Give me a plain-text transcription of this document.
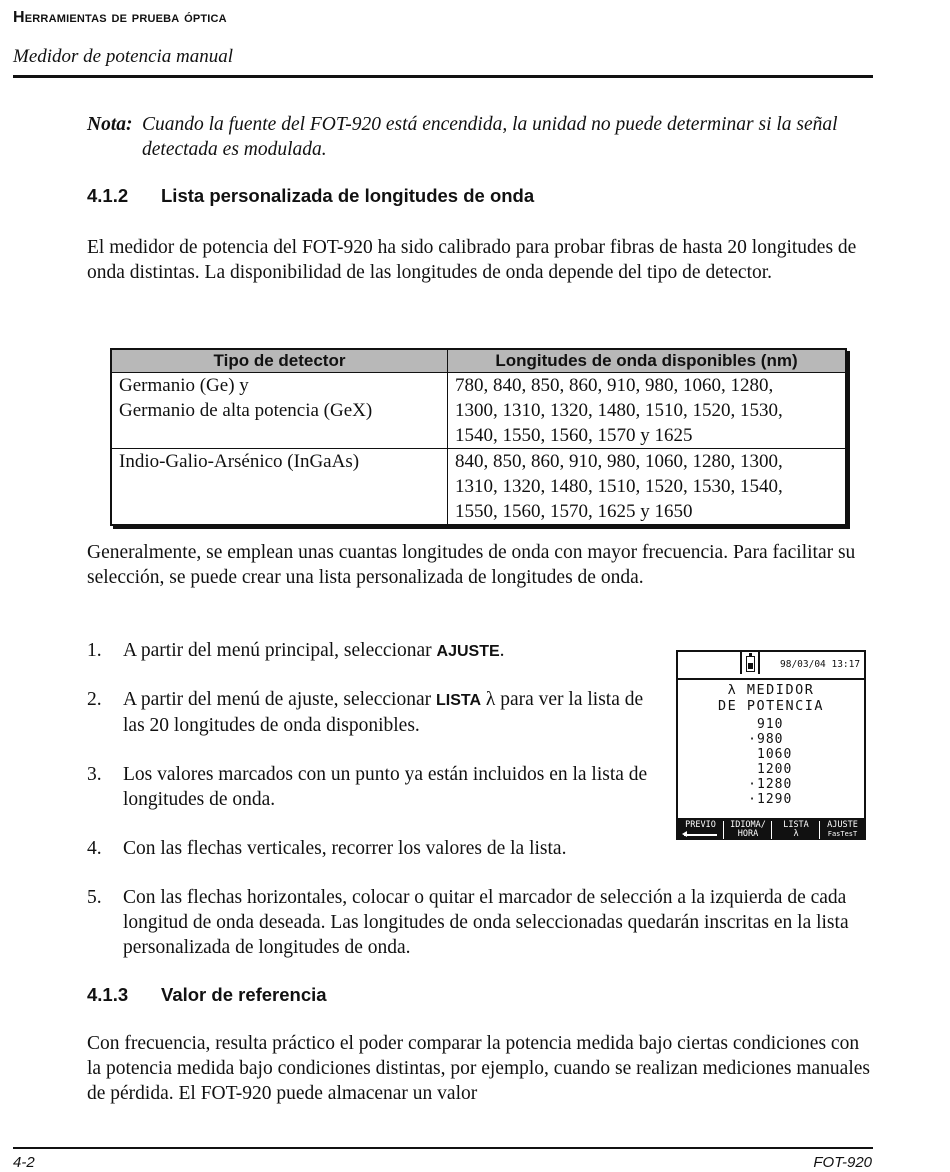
Herramientas de prueba óptica
Medidor de potencia manual
Nota: Cuando la fuente del FOT-920 está encendida, la unidad no puede determinar si la señal detectada es modulada.
4.1.2 Lista personalizada de longitudes de onda
El medidor de potencia del FOT-920 ha sido calibrado para probar fibras de hasta 20 longitudes de onda distintas. La disponibilidad de las longitudes de onda depende del tipo de detector.
Tipo de detector	Longitudes de onda disponibles (nm)

Germanio (Ge) y
Germanio de alta potencia (GeX)	780, 840, 850, 860, 910, 980, 1060, 1280,
1300, 1310, 1320, 1480, 1510, 1520, 1530,
1540, 1550, 1560, 1570 y 1625

Indio-Galio-Arsénico (InGaAs)	840, 850, 860, 910, 980, 1060, 1280, 1300,
1310, 1320, 1480, 1510, 1520, 1530, 1540,
1550, 1560, 1570, 1625 y 1650
Generalmente, se emplean unas cuantas longitudes de onda con mayor frecuencia. Para facilitar su selección, se puede crear una lista personalizada de longitudes de onda.
1. A partir del menú principal, seleccionar AJUSTE.
2. A partir del menú de ajuste, seleccionar LISTA λ para ver la lista de las 20 longitudes de onda disponibles.
3. Los valores marcados con un punto ya están incluidos en la lista de longitudes de onda.
4. Con las flechas verticales, recorrer los valores de la lista.
5. Con las flechas horizontales, colocar o quitar el marcador de selección a la izquierda de cada longitud de onda deseada. Las longitudes de onda seleccionadas quedarán inscritas en la lista personalizada de longitudes de onda.
98/03/04 13:17
λ MEDIDOR
DE POTENCIA
910
·980
1060
1200
·1280
·1290
PREVIO	IDIOMA/
HORA
LISTA
λ
AJUSTE
FasTesT
4.1.3 Valor de referencia
Con frecuencia, resulta práctico el poder comparar la potencia medida bajo ciertas condiciones con la potencia medida bajo condiciones distintas, por ejemplo, cuando se realizan mediciones manuales de pérdida. El FOT-920 puede almacenar un valor
4-2	FOT-920
